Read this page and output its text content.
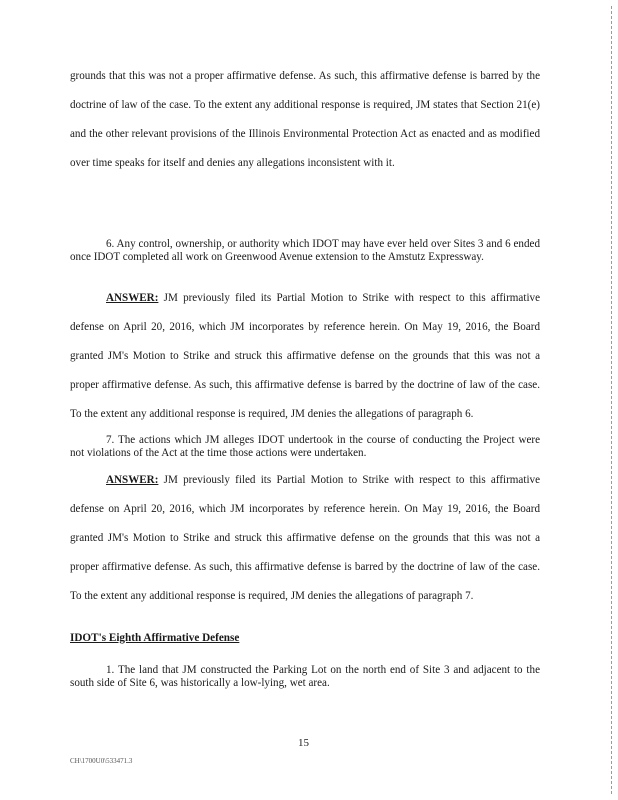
grounds that this was not a proper affirmative defense. As such, this affirmative defense is barred by the doctrine of law of the case. To the extent any additional response is required, JM states that Section 21(e) and the other relevant provisions of the Illinois Environmental Protection Act as enacted and as modified over time speaks for itself and denies any allegations inconsistent with it.

6. Any control, ownership, or authority which IDOT may have ever held over Sites 3 and 6 ended once IDOT completed all work on Greenwood Avenue extension to the Amstutz Expressway.

ANSWER: JM previously filed its Partial Motion to Strike with respect to this affirmative defense on April 20, 2016, which JM incorporates by reference herein. On May 19, 2016, the Board granted JM's Motion to Strike and struck this affirmative defense on the grounds that this was not a proper affirmative defense. As such, this affirmative defense is barred by the doctrine of law of the case. To the extent any additional response is required, JM denies the allegations of paragraph 6.

7. The actions which JM alleges IDOT undertook in the course of conducting the Project were not violations of the Act at the time those actions were undertaken.

ANSWER: JM previously filed its Partial Motion to Strike with respect to this affirmative defense on April 20, 2016, which JM incorporates by reference herein. On May 19, 2016, the Board granted JM's Motion to Strike and struck this affirmative defense on the grounds that this was not a proper affirmative defense. As such, this affirmative defense is barred by the doctrine of law of the case. To the extent any additional response is required, JM denies the allegations of paragraph 7.

IDOT's Eighth Affirmative Defense

1. The land that JM constructed the Parking Lot on the north end of Site 3 and adjacent to the south side of Site 6, was historically a low-lying, wet area.

15
CH\1700U0\533471.3
